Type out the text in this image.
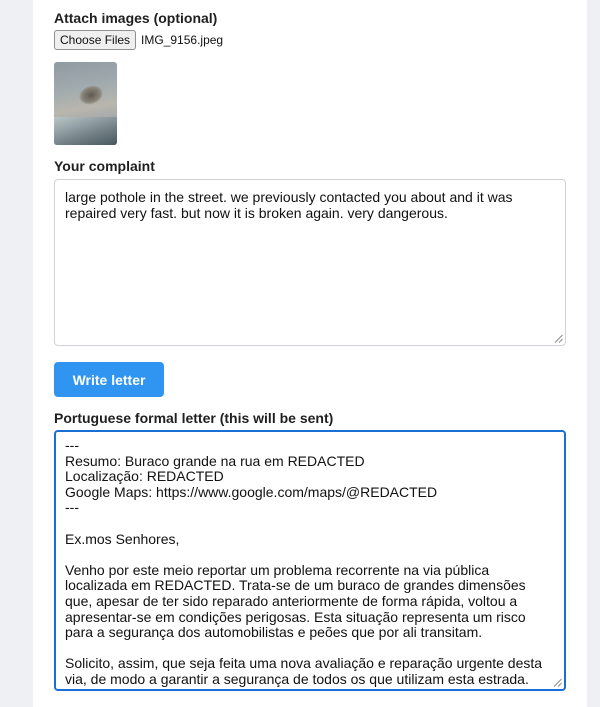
Attach images (optional)
Choose Files IMG_9156.jpeg
Your complaint
large pothole in the street. we previously contacted you about and it was repaired very fast. but now it is broken again. very dangerous.
Write letter
Portuguese formal letter (this will be sent)
---
Resumo: Buraco grande na rua em REDACTED
Localização: REDACTED
Google Maps: https://www.google.com/maps/@REDACTED
---

Ex.mos Senhores,

Venho por este meio reportar um problema recorrente na via pública localizada em REDACTED. Trata-se de um buraco de grandes dimensões que, apesar de ter sido reparado anteriormente de forma rápida, voltou a apresentar-se em condições perigosas. Esta situação representa um risco para a segurança dos automobilistas e peões que por ali transitam.

Solicito, assim, que seja feita uma nova avaliação e reparação urgente desta via, de modo a garantir a segurança de todos os que utilizam esta estrada.
